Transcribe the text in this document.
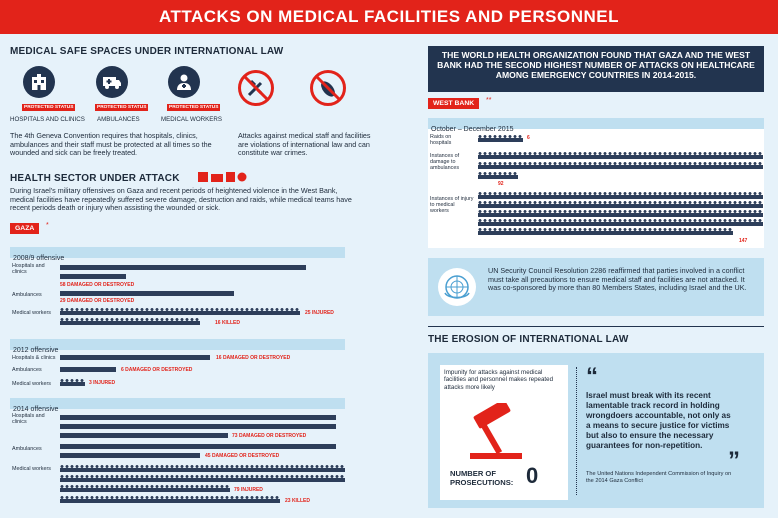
ATTACKS ON MEDICAL FACILITIES AND PERSONNEL
MEDICAL SAFE SPACES UNDER INTERNATIONAL LAW
PROTECTED STATUS
HOSPITALS AND CLINICS
PROTECTED STATUS
AMBULANCES
PROTECTED STATUS
MEDICAL WORKERS
The 4th Geneva Convention requires that hospitals, clinics, ambulances and their staff must be protected at all times so the wounded and sick can be freely treated.
Attacks against medical staff and facilities are violations of international law and can constitute war crimes.
HEALTH SECTOR UNDER ATTACK
During Israel's military offensives on Gaza and recent periods of heightened violence in the West Bank, medical facilities have repeatedly suffered severe damage, destruction and raids, while medical teams have recent periods death or injury when assisting the wounded or sick.
GAZA	*
2008/9 offensive
Hospitals and clinics
58 DAMAGED OR DESTROYED
Ambulances
29 DAMAGED OR DESTROYED
Medical workers
16 KILLED
25 INJURED
2012 offensive
Hospitals & clinics	16 DAMAGED OR DESTROYED
Ambulances	6 DAMAGED OR DESTROYED
Medical workers	3 INJURED
2014 offensive
Hospitals and clinics
73 DAMAGED OR DESTROYED
Ambulances
45 DAMAGED OR DESTROYED
Medical workers
79 INJURED
23 KILLED

THE WORLD HEALTH ORGANIZATION FOUND THAT GAZA AND THE WEST BANK HAD THE SECOND HIGHEST NUMBER OF ATTACKS ON HEALTHCARE AMONG EMERGENCY COUNTRIES IN 2014-2015.

WEST BANK	**
October – December 2015
Raids on hospitals
6
Instances of damage to ambulances
92
Instances of injury to medical workers
147
UN Security Council Resolution 2286 reaffirmed that parties involved in a conflict must take all precautions to ensure medical staff and facilities are not attacked. It was co-sponsored by more than 80 Members States, including Israel and the UK.
THE EROSION OF INTERNATIONAL LAW
Impunity for attacks against medical facilities and personnel makes repeated attacks more likely
NUMBER OF PROSECUTIONS: 0
“
Israel must break with its recent lamentable track record in holding wrongdoers accountable, not only as a means to secure justice for victims but also to ensure the necessary guarantees for non-repetition.
”
The United Nations Independent Commission of Inquiry on the 2014 Gaza Conflict
